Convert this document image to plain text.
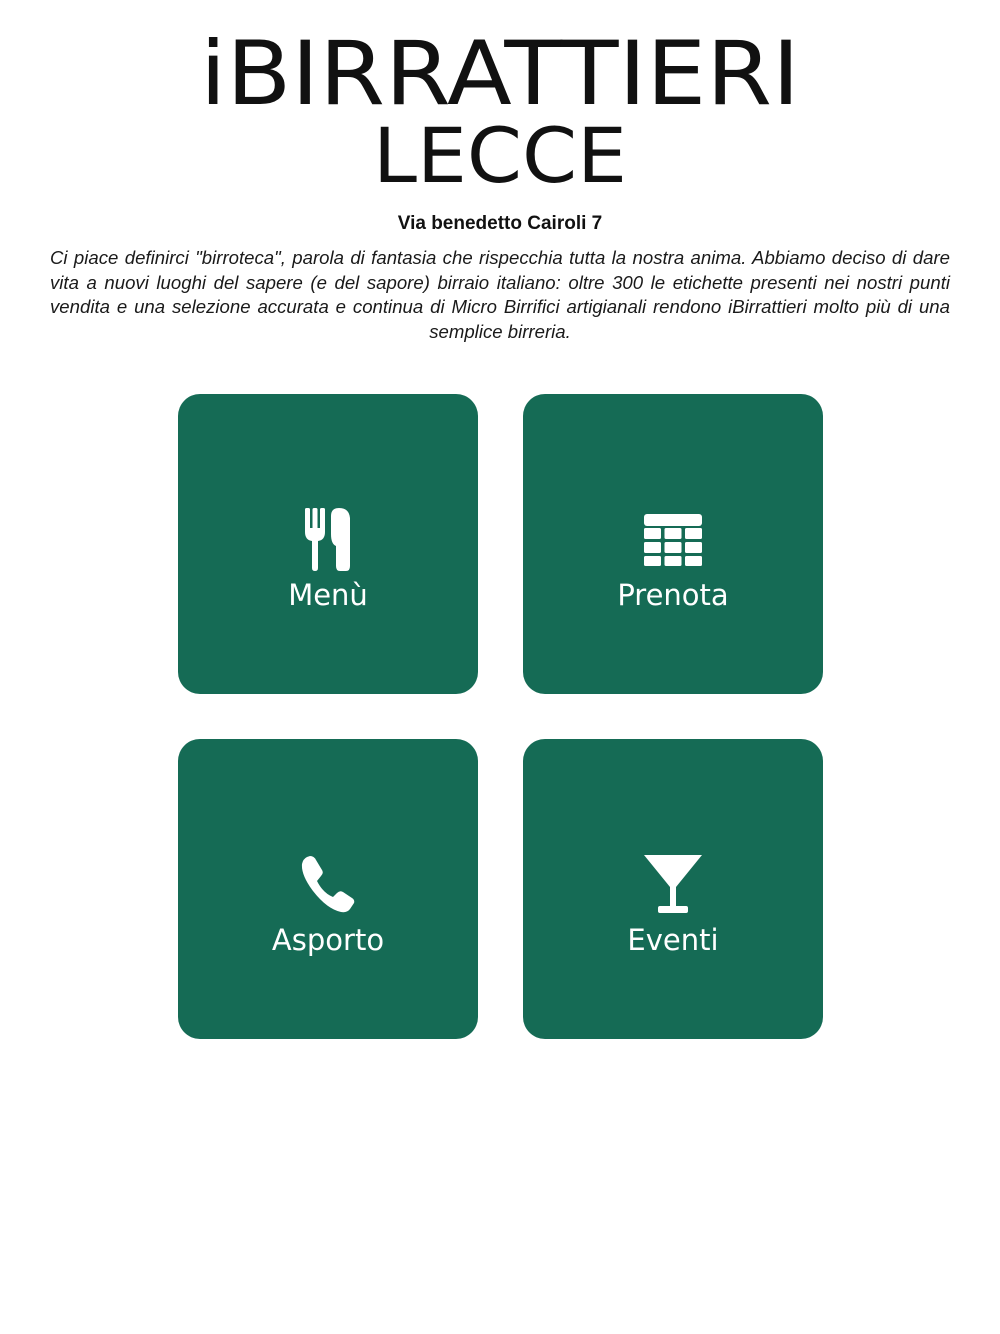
iBIRRATTIERI
LECCE
Via benedetto Cairoli 7
Ci piace definirci "birroteca", parola di fantasia che rispecchia tutta la nostra anima. Abbiamo deciso di dare vita a nuovi luoghi del sapere (e del sapore) birraio italiano: oltre 300 le etichette presenti nei nostri punti vendita e una selezione accurata e continua di Micro Birrifici artigianali rendono iBirrattieri molto più di una semplice birreria.
Menù	Prenota
Asporto	Eventi
